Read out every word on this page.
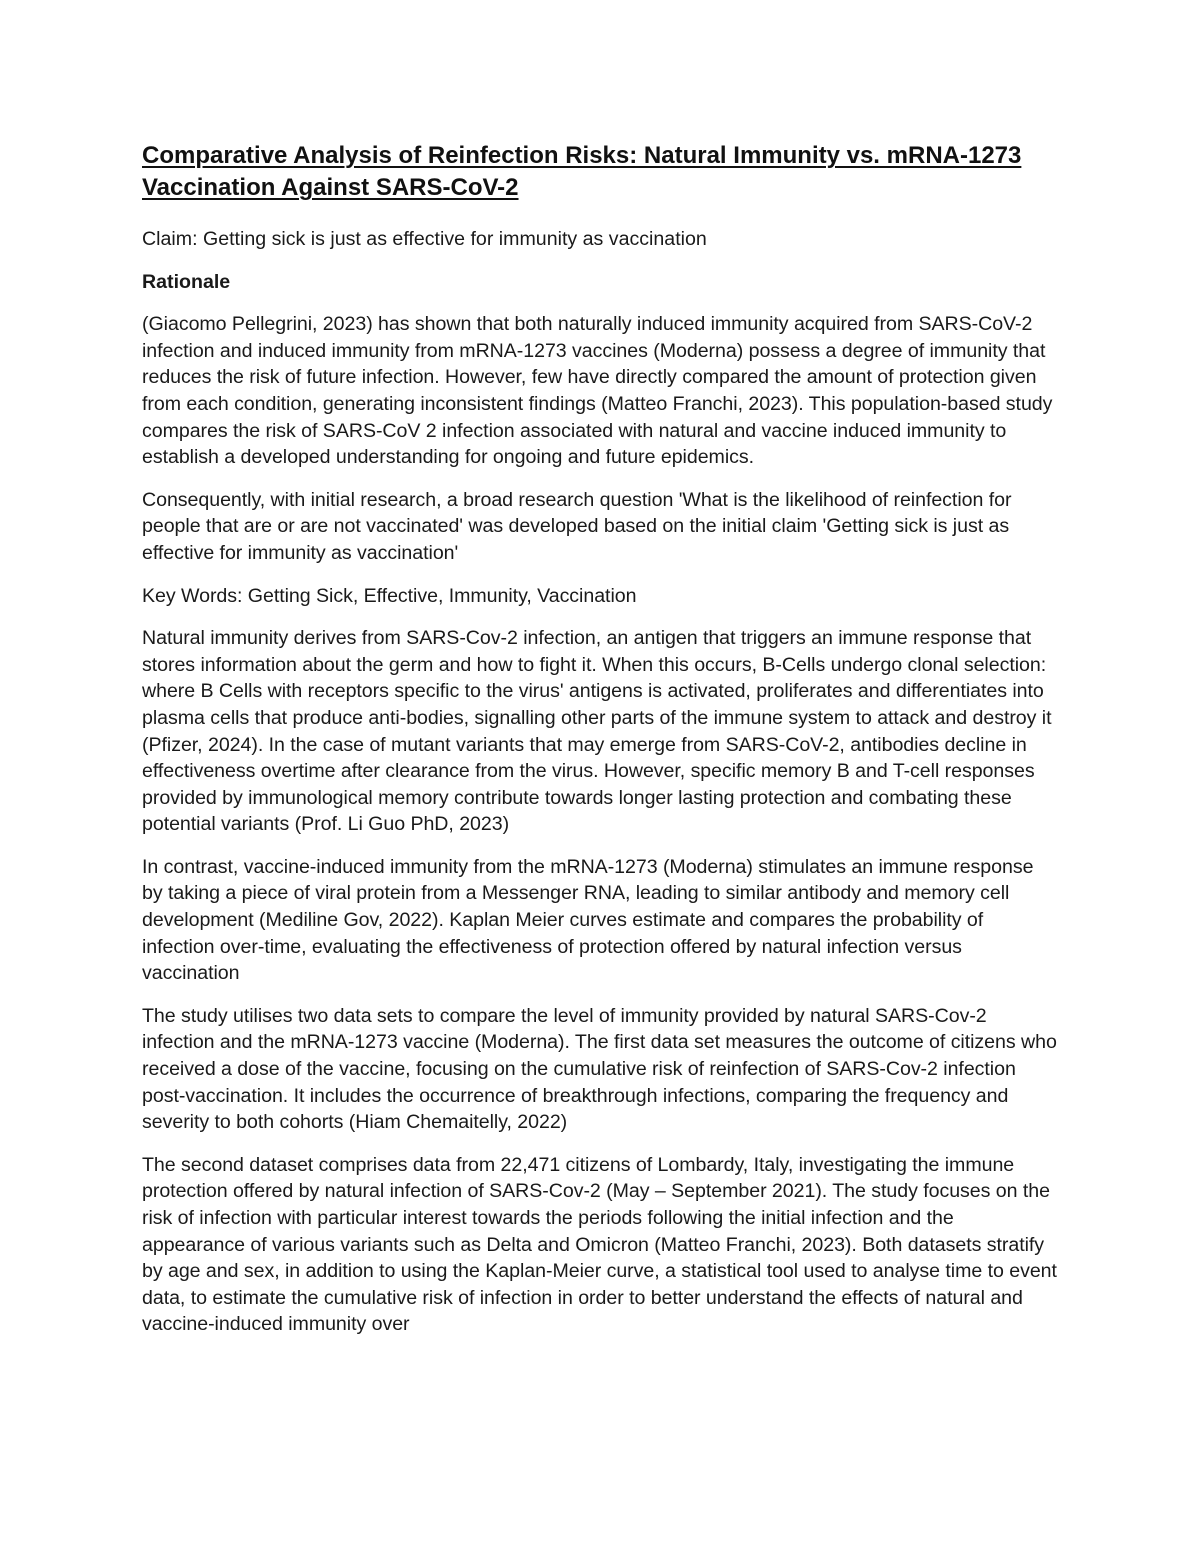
Comparative Analysis of Reinfection Risks: Natural Immunity vs. mRNA-1273 Vaccination Against SARS-CoV-2

Claim: Getting sick is just as effective for immunity as vaccination

Rationale

(Giacomo Pellegrini, 2023) has shown that both naturally induced immunity acquired from SARS-CoV-2 infection and induced immunity from mRNA-1273 vaccines (Moderna) possess a degree of immunity that reduces the risk of future infection. However, few have directly compared the amount of protection given from each condition, generating inconsistent findings (Matteo Franchi, 2023). This population-based study compares the risk of SARS-CoV 2 infection associated with natural and vaccine induced immunity to establish a developed understanding for ongoing and future epidemics.

Consequently, with initial research, a broad research question 'What is the likelihood of reinfection for people that are or are not vaccinated' was developed based on the initial claim 'Getting sick is just as effective for immunity as vaccination'

Key Words: Getting Sick, Effective, Immunity, Vaccination

Natural immunity derives from SARS-Cov-2 infection, an antigen that triggers an immune response that stores information about the germ and how to fight it. When this occurs, B-Cells undergo clonal selection: where B Cells with receptors specific to the virus' antigens is activated, proliferates and differentiates into plasma cells that produce anti-bodies, signalling other parts of the immune system to attack and destroy it (Pfizer, 2024). In the case of mutant variants that may emerge from SARS-CoV-2, antibodies decline in effectiveness overtime after clearance from the virus. However, specific memory B and T-cell responses provided by immunological memory contribute towards longer lasting protection and combating these potential variants (Prof. Li Guo PhD, 2023)

In contrast, vaccine-induced immunity from the mRNA-1273 (Moderna) stimulates an immune response by taking a piece of viral protein from a Messenger RNA, leading to similar antibody and memory cell development (Mediline Gov, 2022). Kaplan Meier curves estimate and compares the probability of infection over-time, evaluating the effectiveness of protection offered by natural infection versus vaccination

The study utilises two data sets to compare the level of immunity provided by natural SARS-Cov-2 infection and the mRNA-1273 vaccine (Moderna). The first data set measures the outcome of citizens who received a dose of the vaccine, focusing on the cumulative risk of reinfection of SARS-Cov-2 infection post-vaccination. It includes the occurrence of breakthrough infections, comparing the frequency and severity to both cohorts (Hiam Chemaitelly, 2022)

The second dataset comprises data from 22,471 citizens of Lombardy, Italy, investigating the immune protection offered by natural infection of SARS-Cov-2 (May – September 2021). The study focuses on the risk of infection with particular interest towards the periods following the initial infection and the appearance of various variants such as Delta and Omicron (Matteo Franchi, 2023). Both datasets stratify by age and sex, in addition to using the Kaplan-Meier curve, a statistical tool used to analyse time to event data, to estimate the cumulative risk of infection in order to better understand the effects of natural and vaccine-induced immunity over
